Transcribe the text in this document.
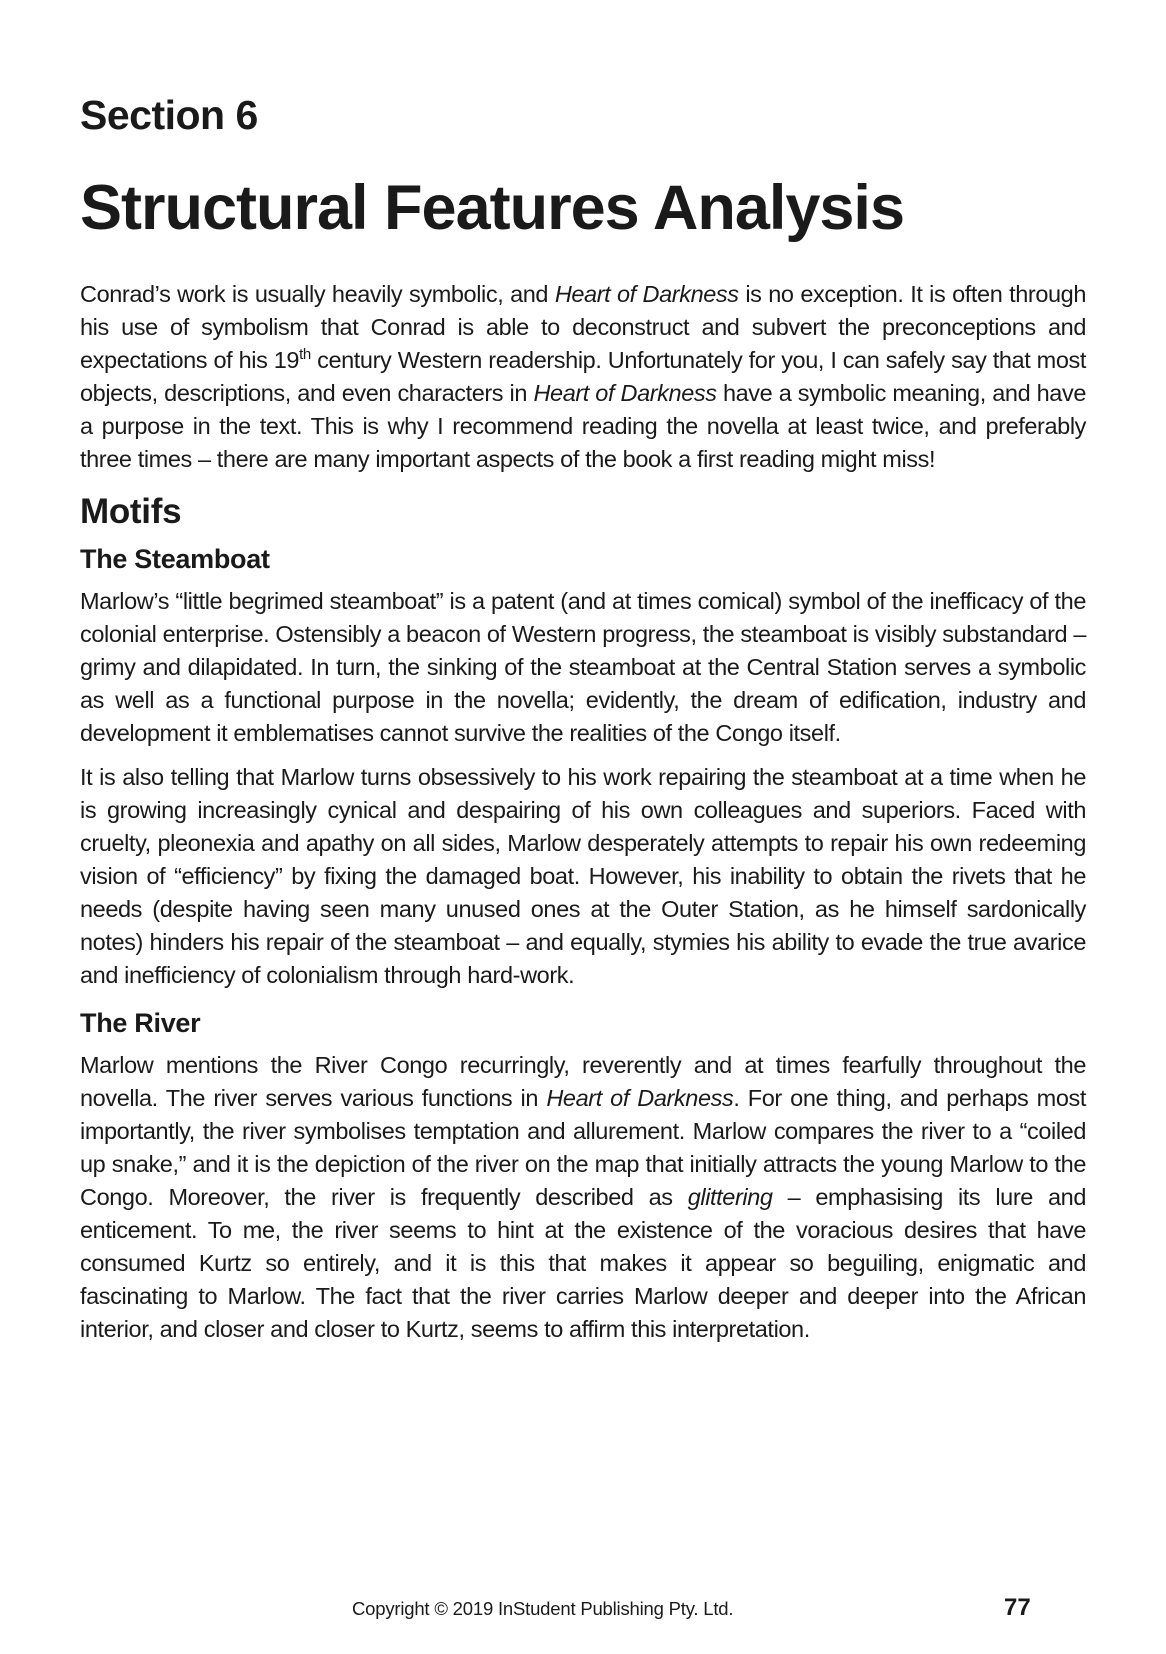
Section 6
Structural Features Analysis

Conrad’s work is usually heavily symbolic, and Heart of Darkness is no exception. It is often through his use of symbolism that Conrad is able to deconstruct and subvert the preconceptions and expectations of his 19th century Western readership. Unfortunately for you, I can safely say that most objects, descriptions, and even characters in Heart of Darkness have a symbolic meaning, and have a purpose in the text. This is why I recommend reading the novella at least twice, and preferably three times – there are many important aspects of the book a first reading might miss!

Motifs
The Steamboat

Marlow’s “little begrimed steamboat” is a patent (and at times comical) symbol of the inefficacy of the colonial enterprise. Ostensibly a beacon of Western progress, the steamboat is visibly substandard – grimy and dilapidated. In turn, the sinking of the steamboat at the Central Station serves a symbolic as well as a functional purpose in the novella; evidently, the dream of edification, industry and development it emblematises cannot survive the realities of the Congo itself.

It is also telling that Marlow turns obsessively to his work repairing the steamboat at a time when he is growing increasingly cynical and despairing of his own colleagues and superiors. Faced with cruelty, pleonexia and apathy on all sides, Marlow desperately attempts to repair his own redeeming vision of “efficiency” by fixing the damaged boat. However, his inability to obtain the rivets that he needs (despite having seen many unused ones at the Outer Station, as he himself sardonically notes) hinders his repair of the steamboat – and equally, stymies his ability to evade the true avarice and inefficiency of colonialism through hard-work.

The River

Marlow mentions the River Congo recurringly, reverently and at times fearfully throughout the novella. The river serves various functions in Heart of Darkness. For one thing, and perhaps most importantly, the river symbolises temptation and allurement. Marlow compares the river to a “coiled up snake,” and it is the depiction of the river on the map that initially attracts the young Marlow to the Congo. Moreover, the river is frequently described as glittering – emphasising its lure and enticement. To me, the river seems to hint at the existence of the voracious desires that have consumed Kurtz so entirely, and it is this that makes it appear so beguiling, enigmatic and fascinating to Marlow. The fact that the river carries Marlow deeper and deeper into the African interior, and closer and closer to Kurtz, seems to affirm this interpretation.

Copyright © 2019 InStudent Publishing Pty. Ltd.	77
